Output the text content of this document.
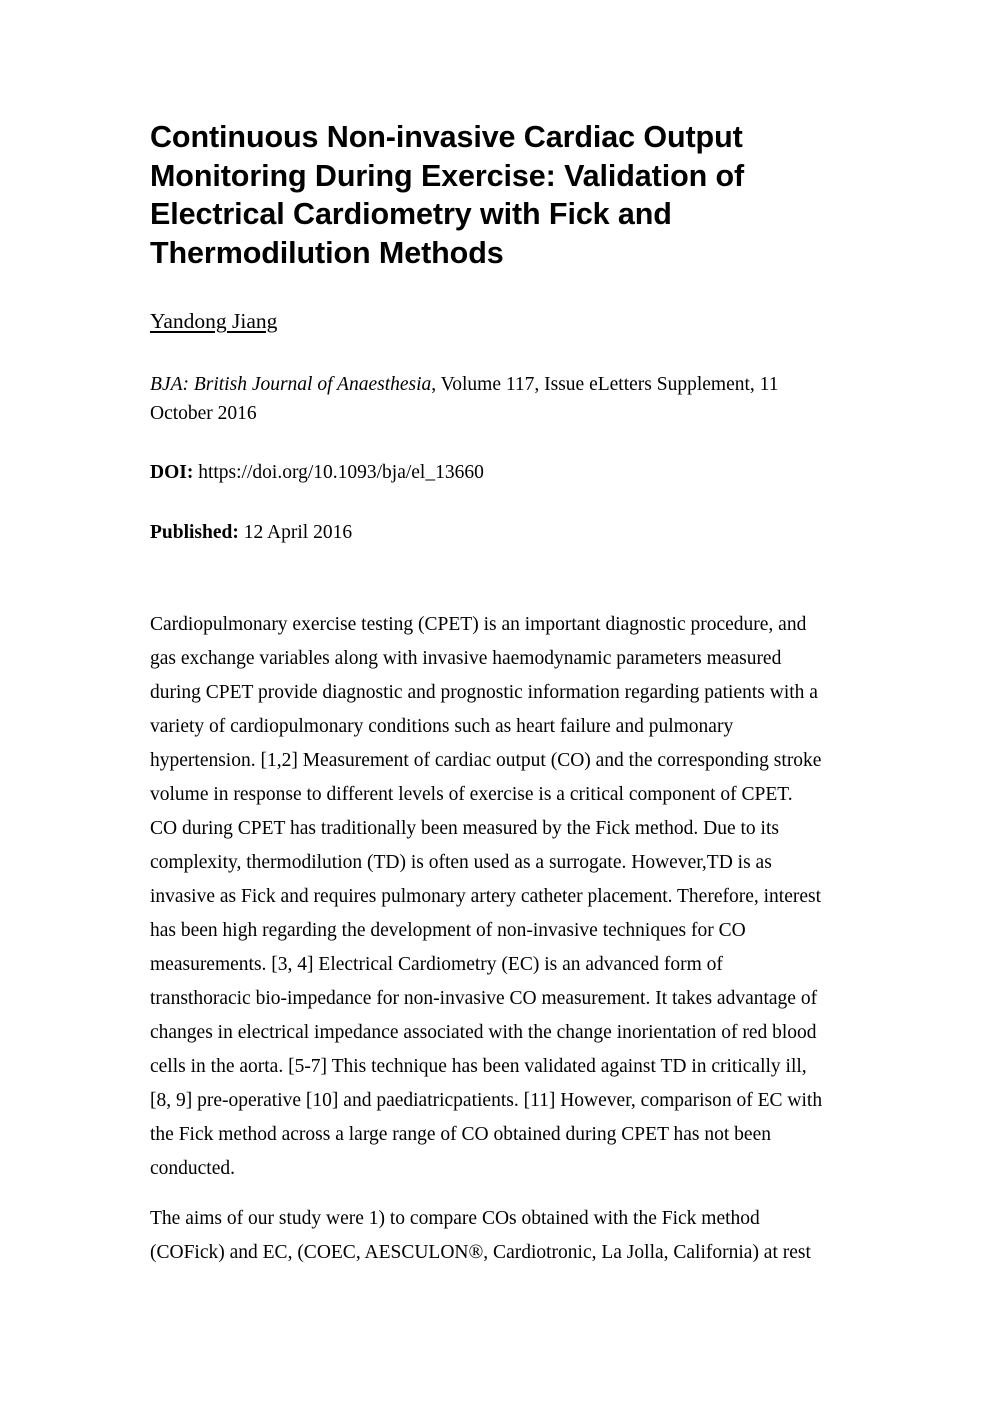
Continuous Non-invasive Cardiac Output
Monitoring During Exercise: Validation of
Electrical Cardiometry with Fick and
Thermodilution Methods

Yandong Jiang

BJA: British Journal of Anaesthesia, Volume 117, Issue eLetters Supplement, 11
October 2016

DOI: https://doi.org/10.1093/bja/el_13660

Published: 12 April 2016

Cardiopulmonary exercise testing (CPET) is an important diagnostic procedure, and
gas exchange variables along with invasive haemodynamic parameters measured
during CPET provide diagnostic and prognostic information regarding patients with a
variety of cardiopulmonary conditions such as heart failure and pulmonary
hypertension. [1,2] Measurement of cardiac output (CO) and the corresponding stroke
volume in response to different levels of exercise is a critical component of CPET.
CO during CPET has traditionally been measured by the Fick method. Due to its
complexity, thermodilution (TD) is often used as a surrogate. However,TD is as
invasive as Fick and requires pulmonary artery catheter placement. Therefore, interest
has been high regarding the development of non-invasive techniques for CO
measurements. [3, 4] Electrical Cardiometry (EC) is an advanced form of
transthoracic bio-impedance for non-invasive CO measurement. It takes advantage of
changes in electrical impedance associated with the change inorientation of red blood
cells in the aorta. [5-7] This technique has been validated against TD in critically ill,
[8, 9] pre-operative [10] and paediatricpatients. [11] However, comparison of EC with
the Fick method across a large range of CO obtained during CPET has not been
conducted.

The aims of our study were 1) to compare COs obtained with the Fick method
(COFick) and EC, (COEC, AESCULON®, Cardiotronic, La Jolla, California) at rest
